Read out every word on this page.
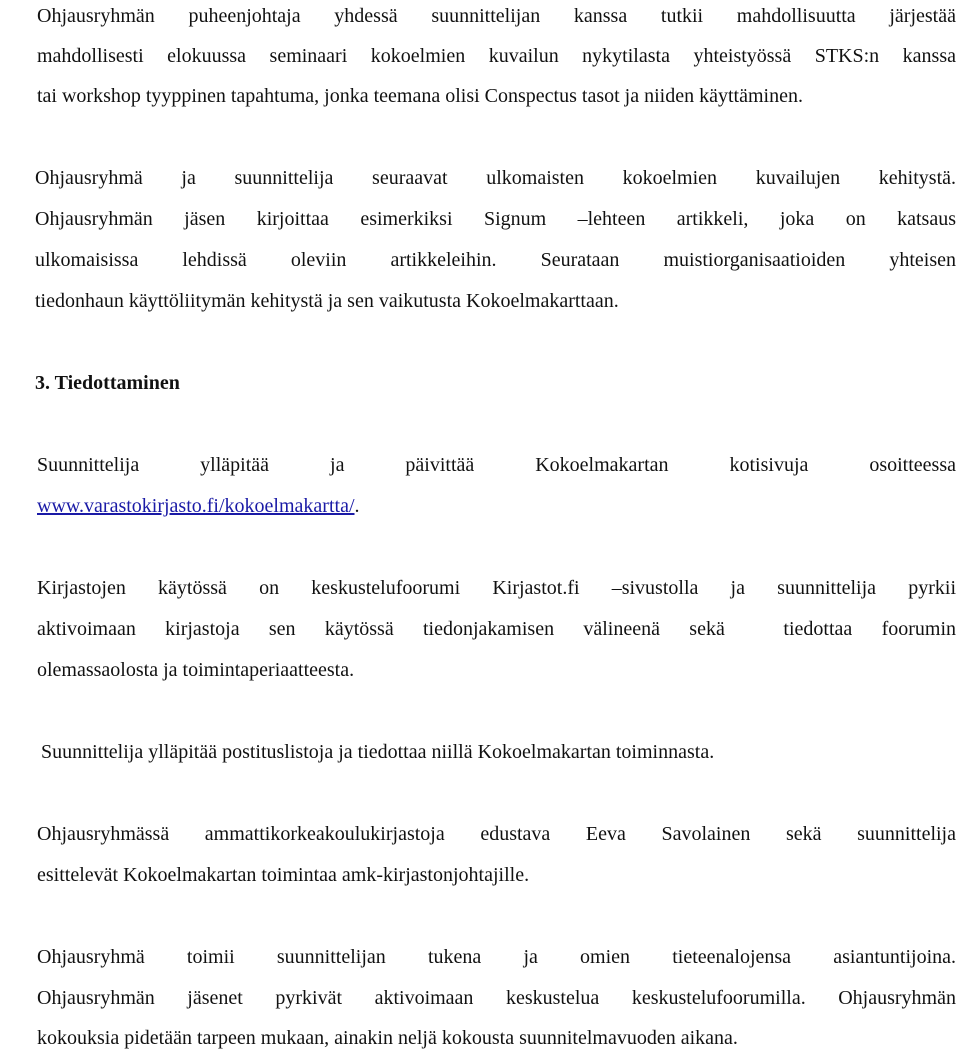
Ohjausryhmän puheenjohtaja yhdessä suunnittelijan kanssa tutkii mahdollisuutta järjestää
mahdollisesti elokuussa seminaari kokoelmien kuvailun nykytilasta yhteistyössä STKS:n kanssa
tai workshop tyyppinen tapahtuma, jonka teemana olisi Conspectus tasot ja niiden käyttäminen.
Ohjausryhmä ja suunnittelija seuraavat ulkomaisten kokoelmien kuvailujen kehitystä.
Ohjausryhmän jäsen kirjoittaa esimerkiksi Signum –lehteen artikkeli, joka on katsaus
ulkomaisissa lehdissä oleviin artikkeleihin. Seurataan muistiorganisaatioiden yhteisen
tiedonhaun käyttöliitymän kehitystä ja sen vaikutusta Kokoelmakarttaan.
3. Tiedottaminen
Suunnittelija ylläpitää ja päivittää Kokoelmakartan kotisivuja osoitteessa
www.varastokirjasto.fi/kokoelmakartta/.
Kirjastojen käytössä on keskustelufoorumi Kirjastot.fi –sivustolla ja suunnittelija pyrkii
aktivoimaan kirjastoja sen käytössä tiedonjakamisen välineenä sekä  tiedottaa foorumin
olemassaolosta ja toimintaperiaatteesta.
Suunnittelija ylläpitää postituslistoja ja tiedottaa niillä Kokoelmakartan toiminnasta.
Ohjausryhmässä ammattikorkeakoulukirjastoja edustava Eeva Savolainen sekä suunnittelija
esittelevät Kokoelmakartan toimintaa amk-kirjastonjohtajille.
Ohjausryhmä toimii suunnittelijan tukena ja omien tieteenalojensa asiantuntijoina.
Ohjausryhmän jäsenet pyrkivät aktivoimaan keskustelua keskustelufoorumilla. Ohjausryhmän
kokouksia pidetään tarpeen mukaan, ainakin neljä kokousta suunnitelmavuoden aikana.
